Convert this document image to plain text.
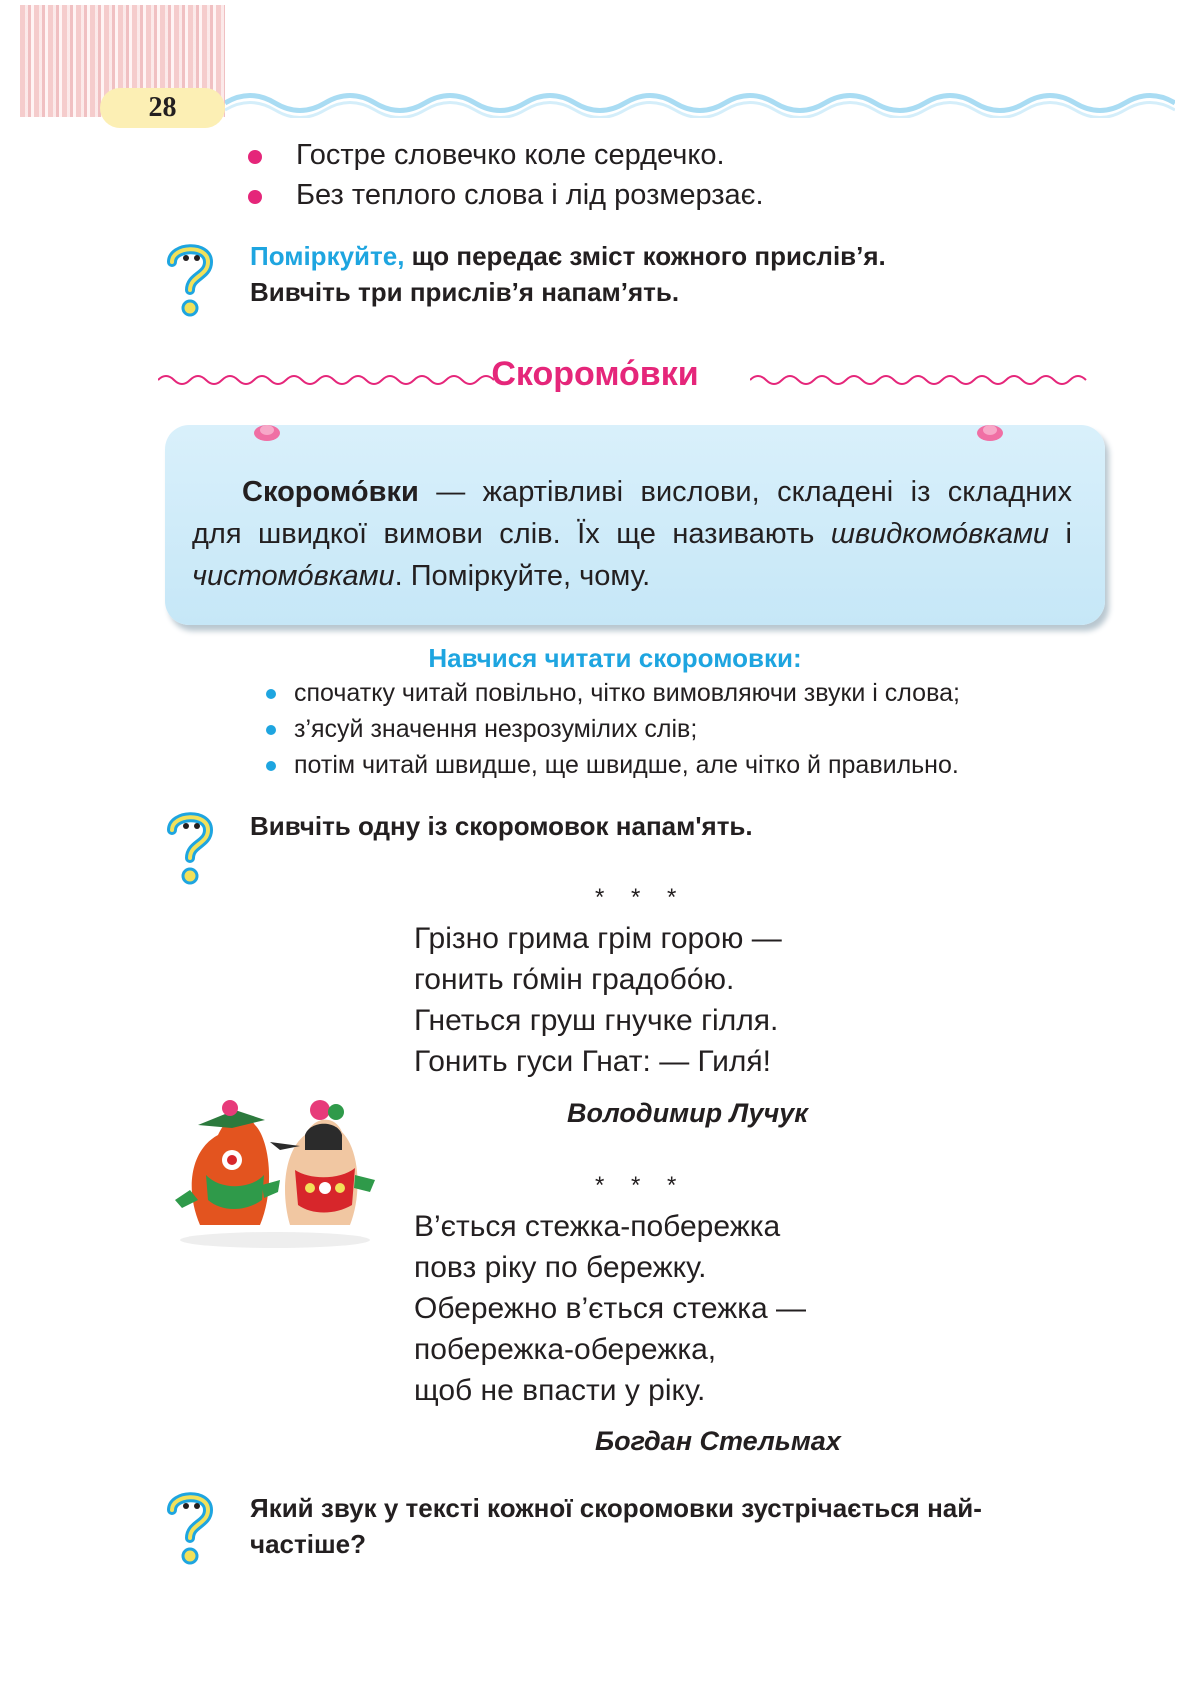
28
Гостре словечко коле сердечко.
Без теплого слова і лід розмерзає.
Поміркуйте, що передає зміст кожного прислів’я.
Вивчіть три прислів’я напам’ять.
Скоромо́вки
Скоромо́вки — жартівливі вислови, складені із складних для швидкої вимови слів. Їх ще називають швидкомо́вками і чистомо́вками. Поміркуйте, чому.
Навчися читати скоромовки:
спочатку читай повільно, чітко вимовляючи звуки і слова;
з’ясуй значення незрозумілих слів;
потім читай швидше, ще швидше, але чітко й правильно.
Вивчіть одну із скоромовок напам'ять.
* * *
Грізно грима грім горою —
гонить го́мін градобо́ю.
Гнеться груш гнучке гілля.
Гонить гуси Гнат: — Гиля́!
Володимир Лучук
* * *
В’ється стежка-побережка
повз ріку по бережку.
Обережно в’ється стежка —
побережка-обережка,
щоб не впасти у ріку.
Богдан Стельмах
Який звук у тексті кожної скоромовки зустрічається най-
частіше?
